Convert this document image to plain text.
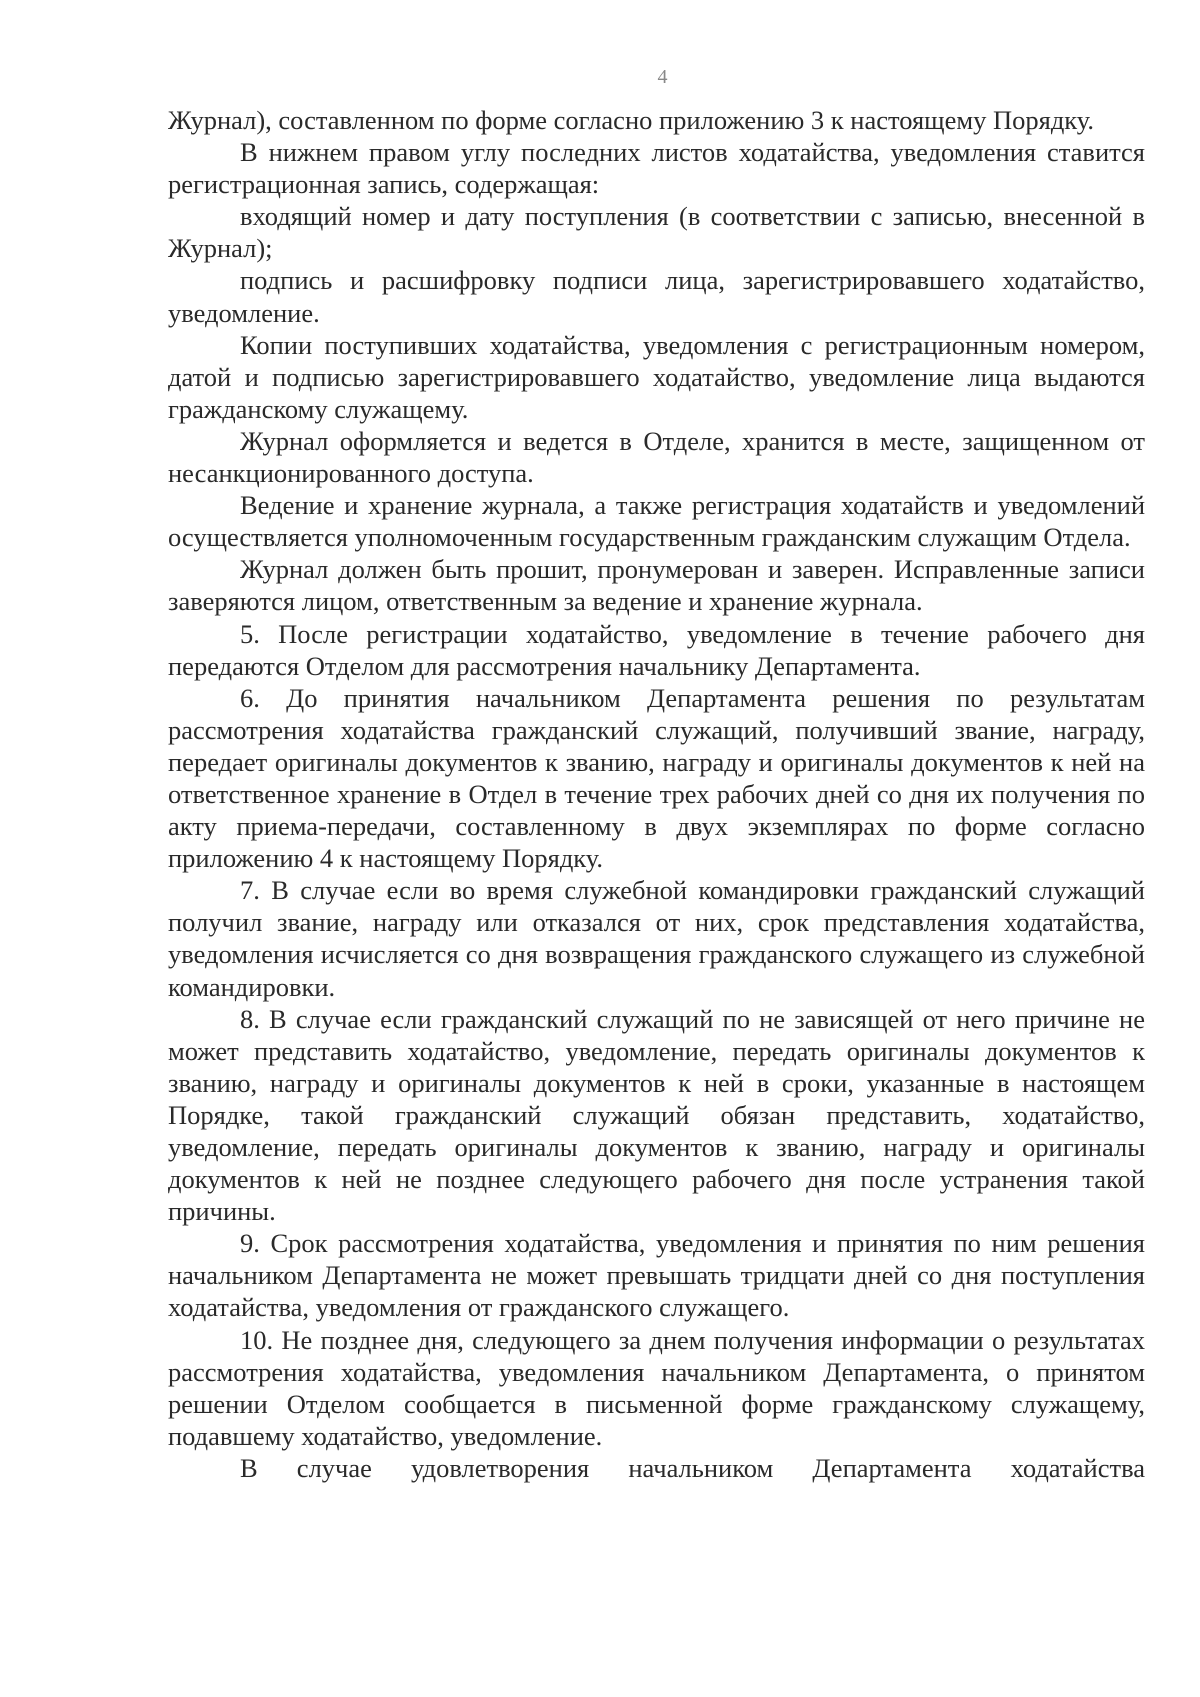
4

Журнал), составленном по форме согласно приложению 3 к настоящему Порядку.

В нижнем правом углу последних листов ходатайства, уведомления ставится регистрационная запись, содержащая:

входящий номер и дату поступления (в соответствии с записью, внесенной в Журнал);

подпись и расшифровку подписи лица, зарегистрировавшего ходатайство, уведомление.

Копии поступивших ходатайства, уведомления с регистрационным номером, датой и подписью зарегистрировавшего ходатайство, уведомление лица выдаются гражданскому служащему.

Журнал оформляется и ведется в Отделе, хранится в месте, защищенном от несанкционированного доступа.

Ведение и хранение журнала, а также регистрация ходатайств и уведомлений осуществляется уполномоченным государственным гражданским служащим Отдела.

Журнал должен быть прошит, пронумерован и заверен. Исправленные записи заверяются лицом, ответственным за ведение и хранение журнала.

5. После регистрации ходатайство, уведомление в течение рабочего дня передаются Отделом для рассмотрения начальнику Департамента.

6. До принятия начальником Департамента решения по результатам рассмотрения ходатайства гражданский служащий, получивший звание, награду, передает оригиналы документов к званию, награду и оригиналы документов к ней на ответственное хранение в Отдел в течение трех рабочих дней со дня их получения по акту приема-передачи, составленному в двух экземплярах по форме согласно приложению 4 к настоящему Порядку.

7. В случае если во время служебной командировки гражданский служащий получил звание, награду или отказался от них, срок представления ходатайства, уведомления исчисляется со дня возвращения гражданского служащего из служебной командировки.

8. В случае если гражданский служащий по не зависящей от него причине не может представить ходатайство, уведомление, передать оригиналы документов к званию, награду и оригиналы документов к ней в сроки, указанные в настоящем Порядке, такой гражданский служащий обязан представить, ходатайство, уведомление, передать оригиналы документов к званию, награду и оригиналы документов к ней не позднее следующего рабочего дня после устранения такой причины.

9. Срок рассмотрения ходатайства, уведомления и принятия по ним решения начальником Департамента не может превышать тридцати дней со дня поступления ходатайства, уведомления от гражданского служащего.

10. Не позднее дня, следующего за днем получения информации о результатах рассмотрения ходатайства, уведомления начальником Департамента, о принятом решении Отделом сообщается в письменной форме гражданскому служащему, подавшему ходатайство, уведомление.

В случае удовлетворения начальником Департамента ходатайства
